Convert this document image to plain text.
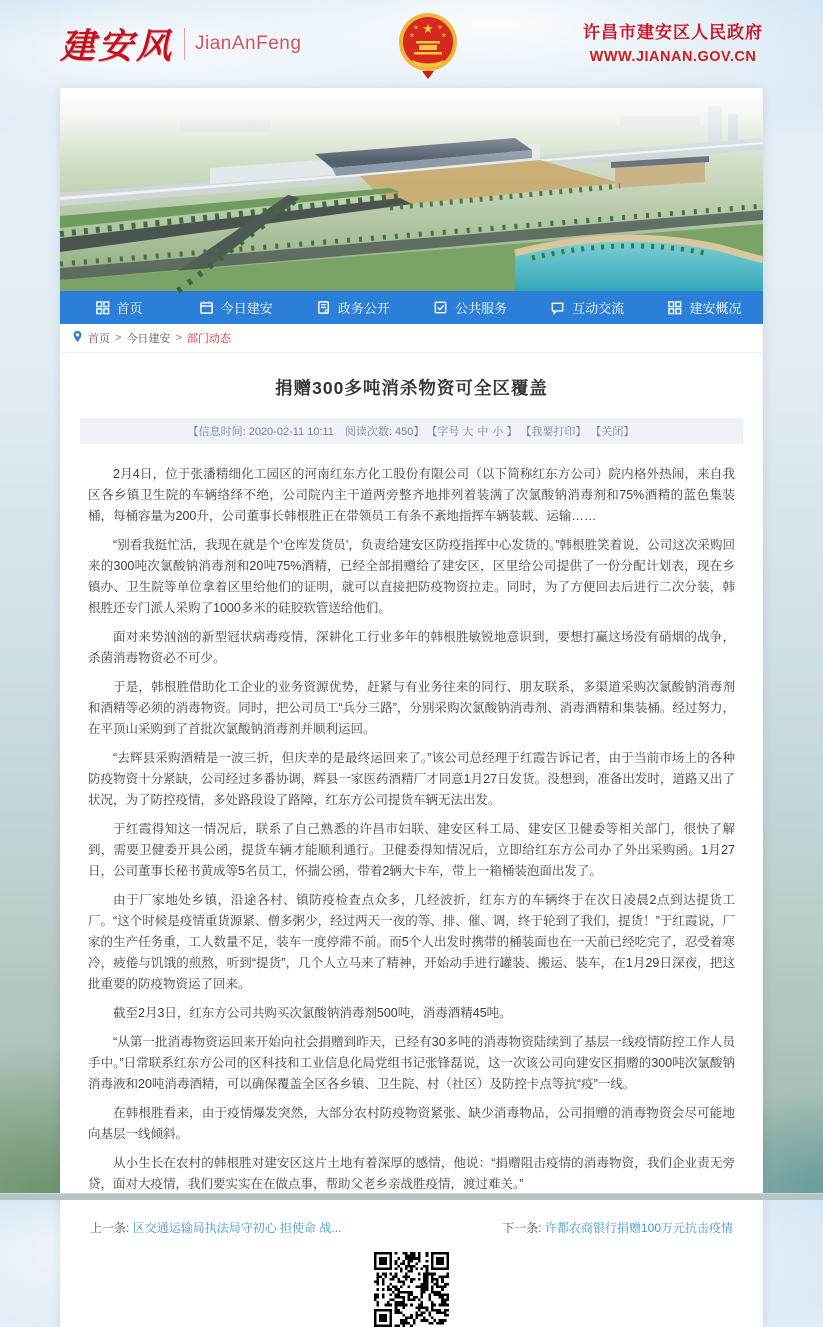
建安风 JianAnFeng
★
★	★
★	★	许昌市建安区人民政府
WWW.JIANAN.GOV.CN
首页	今日建安	政务公开	公共服务	互动交流	建安概况
首页 > 今日建安 > 部门动态
捐赠300多吨消杀物资可全区覆盖
【信息时间: 2020-02-11 10:11　阅读次数: 450】 【字号 大 中 小 】 【我要打印】 【关闭】

2月4日，位于张潘精细化工园区的河南红东方化工股份有限公司（以下简称红东方公司）院内格外热闹，来自我区各乡镇卫生院的车辆络绎不绝，公司院内主干道两旁整齐地排列着装满了次氯酸钠消毒剂和75%酒精的蓝色集装桶，每桶容量为200升，公司董事长韩根胜正在带领员工有条不紊地指挥车辆装载、运输……

“别看我挺忙活，我现在就是个‘仓库发货员’，负责给建安区防疫指挥中心发货的。”韩根胜笑着说，公司这次采购回来的300吨次氯酸钠消毒剂和20吨75%酒精，已经全部捐赠给了建安区，区里给公司提供了一份分配计划表，现在乡镇办、卫生院等单位拿着区里给他们的证明，就可以直接把防疫物资拉走。同时，为了方便回去后进行二次分装，韩根胜还专门派人采购了1000多米的硅胶软管送给他们。

面对来势汹汹的新型冠状病毒疫情，深耕化工行业多年的韩根胜敏锐地意识到，要想打赢这场没有硝烟的战争，杀菌消毒物资必不可少。

于是，韩根胜借助化工企业的业务资源优势，赶紧与有业务往来的同行、朋友联系，多渠道采购次氯酸钠消毒剂和酒精等必须的消毒物资。同时，把公司员工“兵分三路”，分别采购次氯酸钠消毒剂、消毒酒精和集装桶。经过努力，在平顶山采购到了首批次氯酸钠消毒剂并顺利运回。

“去辉县采购酒精是一波三折，但庆幸的是最终运回来了。”该公司总经理于红霞告诉记者，由于当前市场上的各种防疫物资十分紧缺，公司经过多番协调，辉县一家医药酒精厂才同意1月27日发货。没想到，准备出发时，道路又出了状况，为了防控疫情，多处路段设了路障，红东方公司提货车辆无法出发。

于红霞得知这一情况后，联系了自己熟悉的许昌市妇联、建安区科工局、建安区卫健委等相关部门，很快了解到，需要卫健委开具公函，提货车辆才能顺利通行。卫健委得知情况后，立即给红东方公司办了外出采购函。1月27日，公司董事长秘书黄成等5名员工，怀揣公函，带着2辆大卡车，带上一箱桶装泡面出发了。

由于厂家地处乡镇，沿途各村、镇防疫检查点众多，几经波折，红东方的车辆终于在次日凌晨2点到达提货工厂。“这个时候是疫情重货源紧、僧多粥少，经过两天一夜的等、排、催、调，终于轮到了我们，提货！”于红霞说，厂家的生产任务重，工人数量不足，装车一度停滞不前。而5个人出发时携带的桶装面也在一天前已经吃完了，忍受着寒冷，疲倦与饥饿的煎熬，听到“提货”，几个人立马来了精神，开始动手进行罐装、搬运、装车，在1月29日深夜，把这批重要的防疫物资运了回来。

截至2月3日，红东方公司共购买次氯酸钠消毒剂500吨，消毒酒精45吨。

“从第一批消毒物资运回来开始向社会捐赠到昨天，已经有30多吨的消毒物资陆续到了基层一线疫情防控工作人员手中。”日常联系红东方公司的区科技和工业信息化局党组书记张锋磊说，这一次该公司向建安区捐赠的300吨次氯酸钠消毒液和20吨消毒酒精，可以确保覆盖全区各乡镇、卫生院、村（社区）及防控卡点等抗“疫”一线。

在韩根胜看来，由于疫情爆发突然，大部分农村防疫物资紧张、缺少消毒物品，公司捐赠的消毒物资会尽可能地向基层一线倾斜。

从小生长在农村的韩根胜对建安区这片土地有着深厚的感情，他说：“捐赠阻击疫情的消毒物资，我们企业责无旁贷，面对大疫情，我们要实实在在做点事，帮助父老乡亲战胜疫情，渡过难关。”

上一条: 区交通运输局执法局守初心 担使命 战...	下一条: 许都农商银行捐赠100万元抗击疫情
